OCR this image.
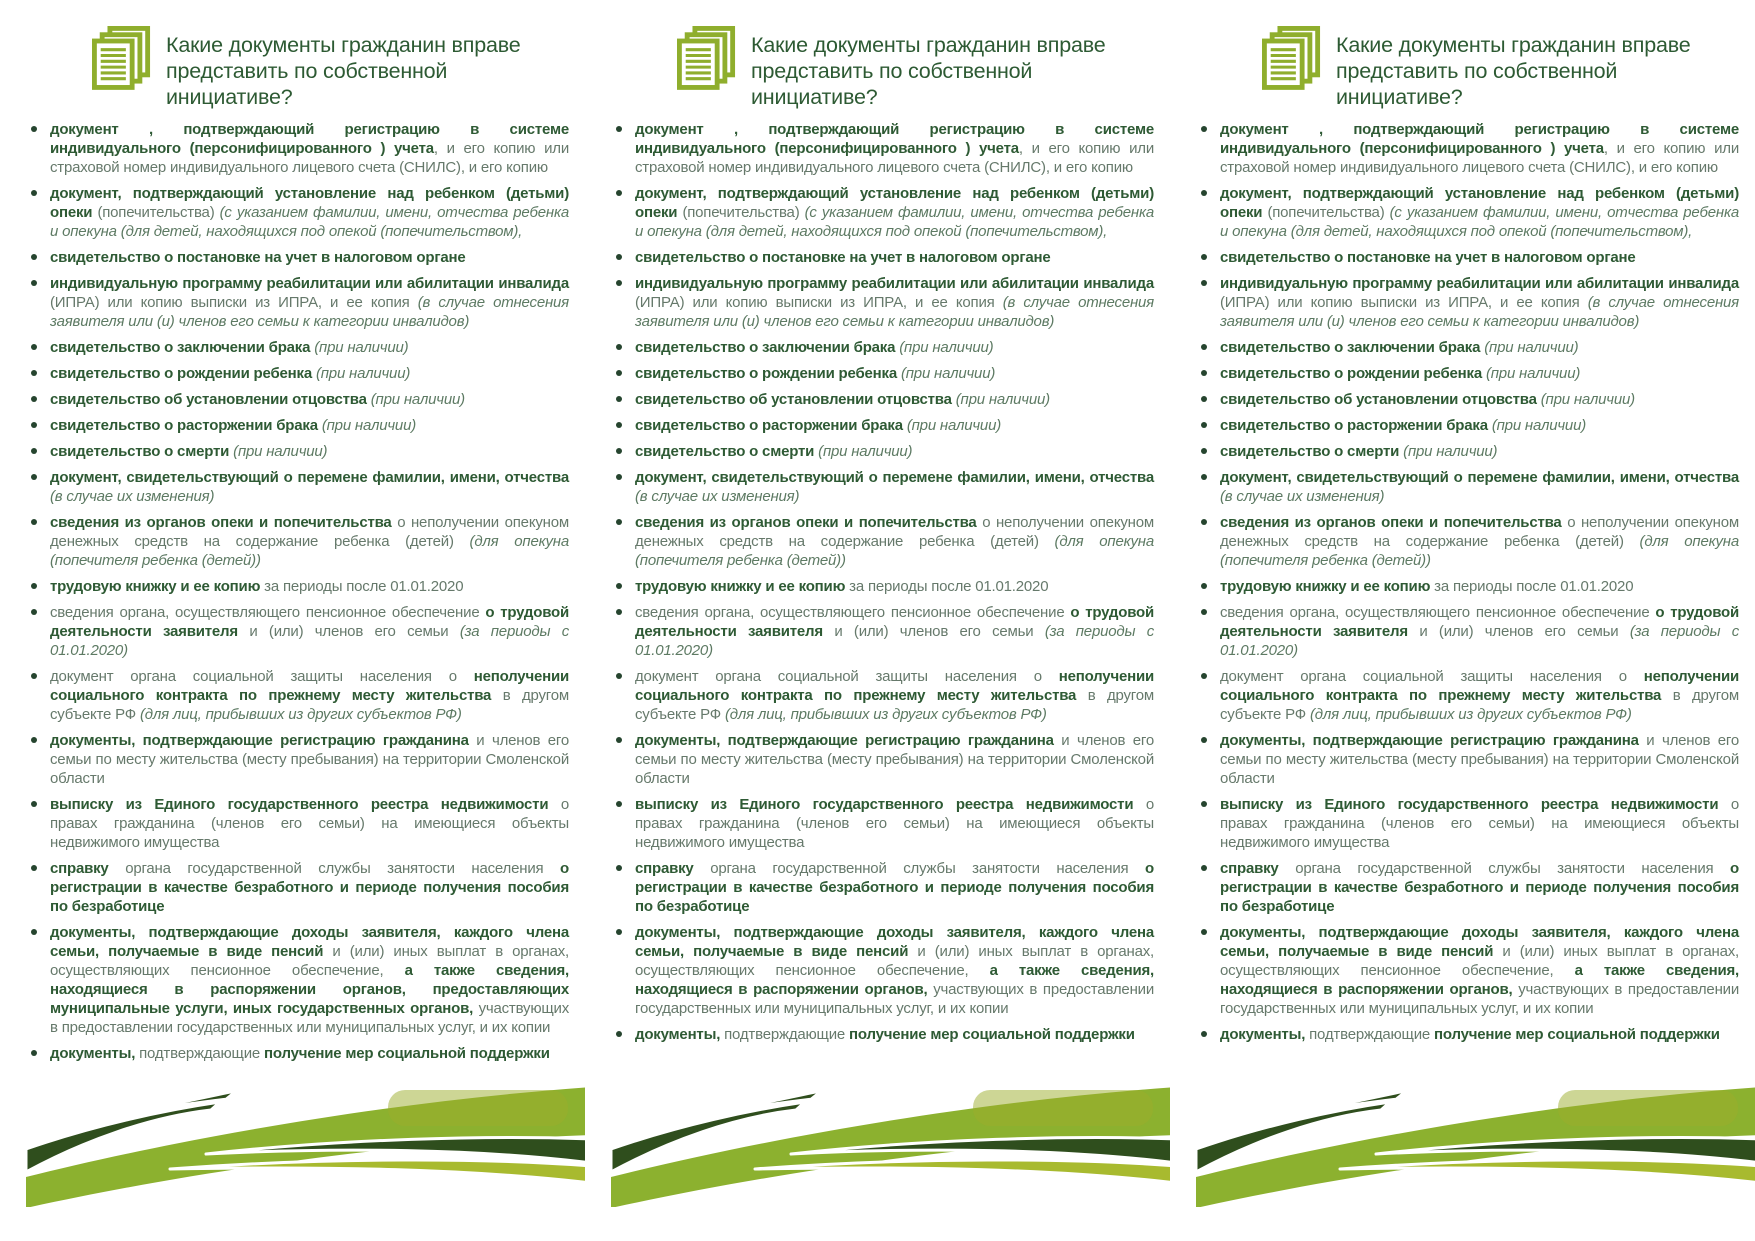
Какие документы гражданин вправе
представить по собственной инициативе?
документ , подтверждающий регистрацию в системе индивидуального (персонифицированного ) учета, и его копию или страховой номер индивидуального лицевого счета (СНИЛС), и его копию
документ, подтверждающий установление над ребенком (детьми) опеки (попечительства) (с указанием фамилии, имени, отчества ребенка и опекуна (для детей, находящихся под опекой (попечительством),
свидетельство о постановке на учет в налоговом органе
индивидуальную программу реабилитации или абилитации инвалида (ИПРА) или копию выписки из ИПРА, и ее копия (в случае отнесения заявителя или (и) членов его семьи к категории инвалидов)
свидетельство о заключении брака (при наличии)
свидетельство о рождении ребенка (при наличии)
свидетельство об установлении отцовства (при наличии)
свидетельство о расторжении брака (при наличии)
свидетельство о смерти (при наличии)
документ, свидетельствующий о перемене фамилии, имени, отчества (в случае их изменения)
сведения из органов опеки и попечительства о неполучении опекуном денежных средств на содержание ребенка (детей) (для опекуна (попечителя ребенка (детей))
трудовую книжку и ее копию за периоды после 01.01.2020
сведения органа, осуществляющего пенсионное обеспечение о трудовой деятельности заявителя и (или) членов его семьи (за периоды с 01.01.2020)
документ органа социальной защиты населения о неполучении социального контракта по прежнему месту жительства в другом субъекте РФ (для лиц, прибывших из других субъектов РФ)
документы, подтверждающие регистрацию гражданина и членов его семьи по месту жительства (месту пребывания) на территории Смоленской области
выписку из Единого государственного реестра недвижимости о правах гражданина (членов его семьи) на имеющиеся объекты недвижимого имущества
справку органа государственной службы занятости населения о регистрации в качестве безработного и периоде получения пособия по безработице
документы, подтверждающие доходы заявителя, каждого члена семьи, получаемые в виде пенсий и (или) иных выплат в органах, осуществляющих пенсионное обеспечение, а также сведения, находящиеся в распоряжении органов, предоставляющих муниципальные услуги, иных государственных органов, участвующих в предоставлении государственных или муниципальных услуг, и их копии
документы, подтверждающие получение мер социальной поддержки
Какие документы гражданин вправе
представить по собственной инициативе?
документ , подтверждающий регистрацию в системе индивидуального (персонифицированного ) учета, и его копию или страховой номер индивидуального лицевого счета (СНИЛС), и его копию
документ, подтверждающий установление над ребенком (детьми) опеки (попечительства) (с указанием фамилии, имени, отчества ребенка и опекуна (для детей, находящихся под опекой (попечительством),
свидетельство о постановке на учет в налоговом органе
индивидуальную программу реабилитации или абилитации инвалида (ИПРА) или копию выписки из ИПРА, и ее копия (в случае отнесения заявителя или (и) членов его семьи к категории инвалидов)
свидетельство о заключении брака (при наличии)
свидетельство о рождении ребенка (при наличии)
свидетельство об установлении отцовства (при наличии)
свидетельство о расторжении брака (при наличии)
свидетельство о смерти (при наличии)
документ, свидетельствующий о перемене фамилии, имени, отчества (в случае их изменения)
сведения из органов опеки и попечительства о неполучении опекуном денежных средств на содержание ребенка (детей) (для опекуна (попечителя ребенка (детей))
трудовую книжку и ее копию за периоды после 01.01.2020
сведения органа, осуществляющего пенсионное обеспечение о трудовой деятельности заявителя и (или) членов его семьи (за периоды с 01.01.2020)
документ органа социальной защиты населения о неполучении социального контракта по прежнему месту жительства в другом субъекте РФ (для лиц, прибывших из других субъектов РФ)
документы, подтверждающие регистрацию гражданина и членов его семьи по месту жительства (месту пребывания) на территории Смоленской области
выписку из Единого государственного реестра недвижимости о правах гражданина (членов его семьи) на имеющиеся объекты недвижимого имущества
справку органа государственной службы занятости населения о регистрации в качестве безработного и периоде получения пособия по безработице
документы, подтверждающие доходы заявителя, каждого члена семьи, получаемые в виде пенсий и (или) иных выплат в органах, осуществляющих пенсионное обеспечение, а также сведения, находящиеся в распоряжении органов, участвующих в предоставлении государственных или муниципальных услуг, и их копии
документы, подтверждающие получение мер социальной поддержки
Какие документы гражданин вправе
представить по собственной инициативе?
документ , подтверждающий регистрацию в системе индивидуального (персонифицированного ) учета, и его копию или страховой номер индивидуального лицевого счета (СНИЛС), и его копию
документ, подтверждающий установление над ребенком (детьми) опеки (попечительства) (с указанием фамилии, имени, отчества ребенка и опекуна (для детей, находящихся под опекой (попечительством),
свидетельство о постановке на учет в налоговом органе
индивидуальную программу реабилитации или абилитации инвалида (ИПРА) или копию выписки из ИПРА, и ее копия (в случае отнесения заявителя или (и) членов его семьи к категории инвалидов)
свидетельство о заключении брака (при наличии)
свидетельство о рождении ребенка (при наличии)
свидетельство об установлении отцовства (при наличии)
свидетельство о расторжении брака (при наличии)
свидетельство о смерти (при наличии)
документ, свидетельствующий о перемене фамилии, имени, отчества (в случае их изменения)
сведения из органов опеки и попечительства о неполучении опекуном денежных средств на содержание ребенка (детей) (для опекуна (попечителя ребенка (детей))
трудовую книжку и ее копию за периоды после 01.01.2020
сведения органа, осуществляющего пенсионное обеспечение о трудовой деятельности заявителя и (или) членов его семьи (за периоды с 01.01.2020)
документ органа социальной защиты населения о неполучении социального контракта по прежнему месту жительства в другом субъекте РФ (для лиц, прибывших из других субъектов РФ)
документы, подтверждающие регистрацию гражданина и членов его семьи по месту жительства (месту пребывания) на территории Смоленской области
выписку из Единого государственного реестра недвижимости о правах гражданина (членов его семьи) на имеющиеся объекты недвижимого имущества
справку органа государственной службы занятости населения о регистрации в качестве безработного и периоде получения пособия по безработице
документы, подтверждающие доходы заявителя, каждого члена семьи, получаемые в виде пенсий и (или) иных выплат в органах, осуществляющих пенсионное обеспечение, а также сведения, находящиеся в распоряжении органов, участвующих в предоставлении государственных или муниципальных услуг, и их копии
документы, подтверждающие получение мер социальной поддержки
